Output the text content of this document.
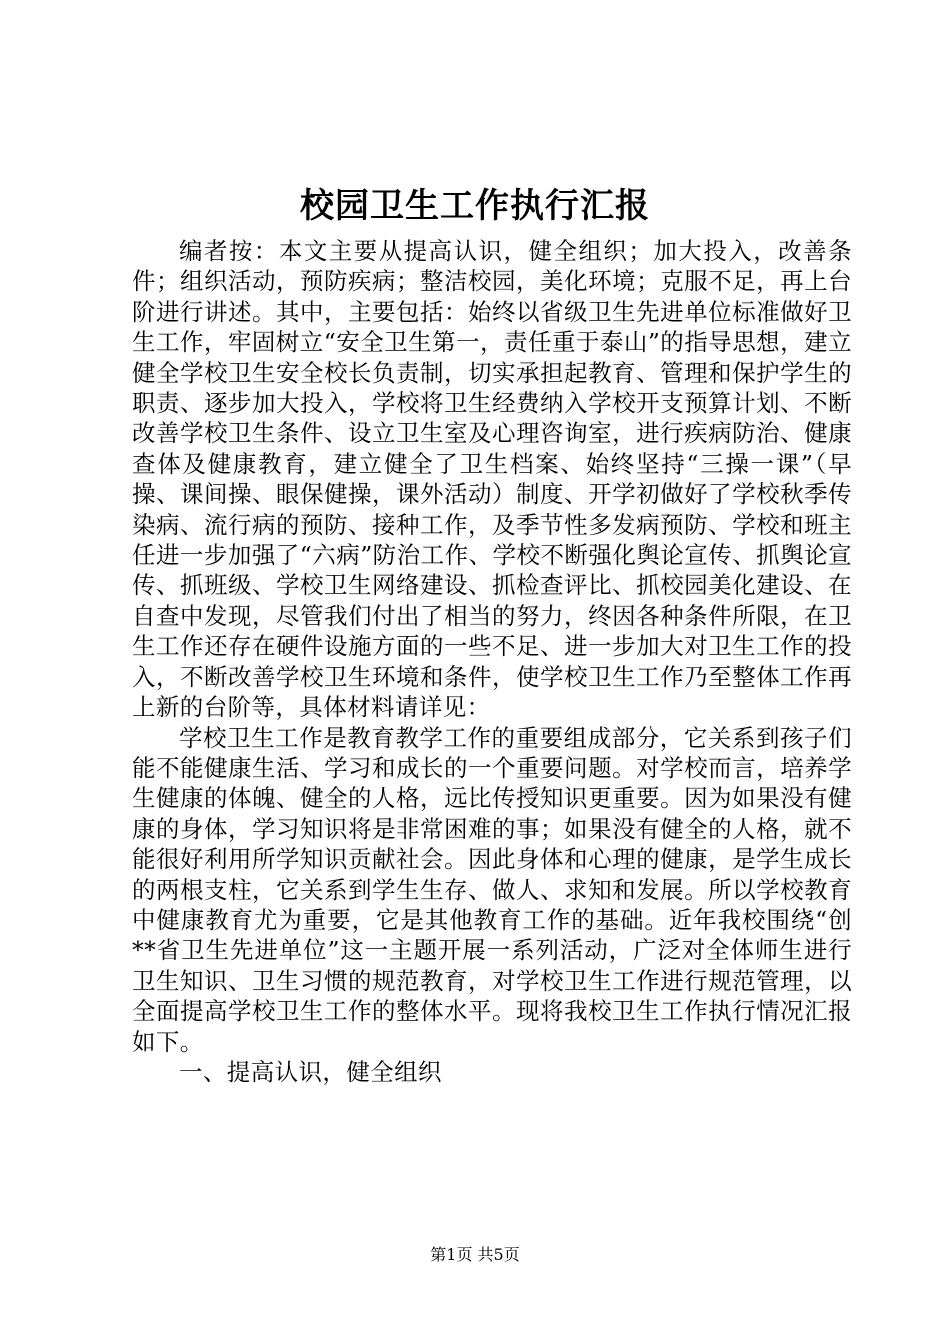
校园卫生工作执行汇报

编者按：本文主要从提高认识，健全组织；加大投入，改善条件；组织活动，预防疾病；整洁校园，美化环境；克服不足，再上台阶进行讲述。其中，主要包括：始终以省级卫生先进单位标准做好卫生工作，牢固树立“安全卫生第一，责任重于泰山”的指导思想，建立健全学校卫生安全校长负责制，切实承担起教育、管理和保护学生的职责、逐步加大投入，学校将卫生经费纳入学校开支预算计划、不断改善学校卫生条件、设立卫生室及心理咨询室，进行疾病防治、健康查体及健康教育，建立健全了卫生档案、始终坚持“三操一课”（早操、课间操、眼保健操，课外活动）制度、开学初做好了学校秋季传染病、流行病的预防、接种工作，及季节性多发病预防、学校和班主任进一步加强了“六病”防治工作、学校不断强化舆论宣传、抓舆论宣传、抓班级、学校卫生网络建设、抓检查评比、抓校园美化建设、在自查中发现，尽管我们付出了相当的努力，终因各种条件所限，在卫生工作还存在硬件设施方面的一些不足、进一步加大对卫生工作的投入，不断改善学校卫生环境和条件，使学校卫生工作乃至整体工作再上新的台阶等，具体材料请详见：

学校卫生工作是教育教学工作的重要组成部分，它关系到孩子们能不能健康生活、学习和成长的一个重要问题。对学校而言，培养学生健康的体魄、健全的人格，远比传授知识更重要。因为如果没有健康的身体，学习知识将是非常困难的事；如果没有健全的人格，就不能很好利用所学知识贡献社会。因此身体和心理的健康，是学生成长的两根支柱，它关系到学生生存、做人、求知和发展。所以学校教育中健康教育尤为重要，它是其他教育工作的基础。近年我校围绕“创**省卫生先进单位”这一主题开展一系列活动，广泛对全体师生进行卫生知识、卫生习惯的规范教育，对学校卫生工作进行规范管理，以全面提高学校卫生工作的整体水平。现将我校卫生工作执行情况汇报如下。

一、提高认识，健全组织

第1页 共5页
